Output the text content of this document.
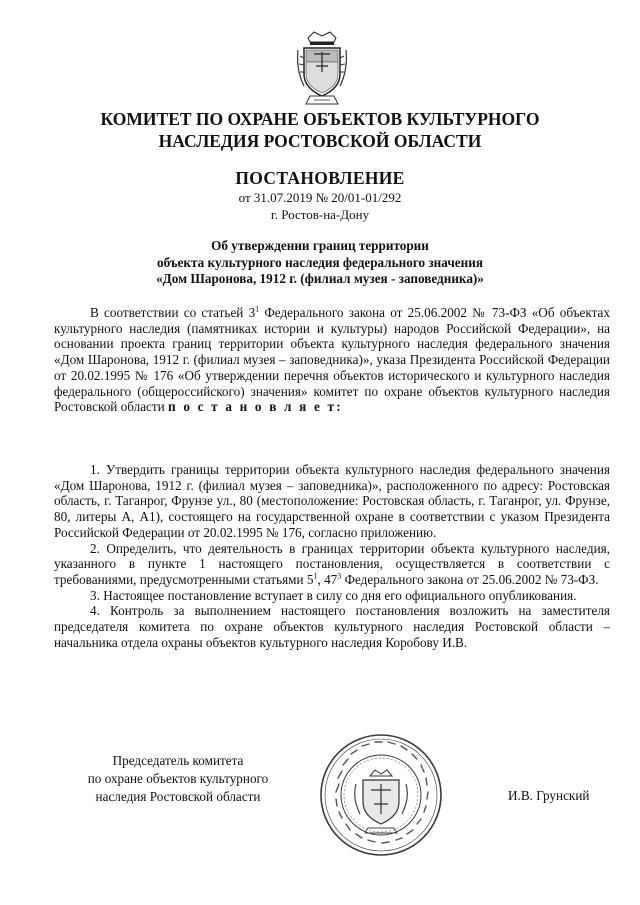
КОМИТЕТ ПО ОХРАНЕ ОБЪЕКТОВ КУЛЬТУРНОГО
НАСЛЕДИЯ РОСТОВСКОЙ ОБЛАСТИ
ПОСТАНОВЛЕНИЕ
от 31.07.2019 № 20/01-01/292
г. Ростов-на-Дону
Об утверждении границ территории
объекта культурного наследия федерального значения
«Дом Шаронова, 1912 г. (филиал музея - заповедника)»

В соответствии со статьей $3^1$ Федерального закона от 25.06.2002 № 73-ФЗ «Об объектах культурного наследия (памятниках истории и культуры) народов Российской Федерации», на основании проекта границ территории объекта культурного наследия федерального значения «Дом Шаронова, 1912 г. (филиал музея – заповедника)», указа Президента Российской Федерации от 20.02.1995 № 176 «Об утверждении перечня объектов исторического и культурного наследия федерального (общероссийского) значения» комитет по охране объектов культурного наследия Ростовской области п о с т а н о в л я е т:

1. Утвердить границы территории объекта культурного наследия федерального значения «Дом Шаронова, 1912 г. (филиал музея – заповедника)», расположенного по адресу: Ростовская область, г. Таганрог, Фрунзе ул., 80 (местоположение: Ростовская область, г. Таганрог, ул. Фрунзе, 80, литеры А, А1), состоящего на государственной охране в соответствии с указом Президента Российской Федерации от 20.02.1995 № 176, согласно приложению.

2. Определить, что деятельность в границах территории объекта культурного наследия, указанного в пункте 1 настоящего постановления, осуществляется в соответствии с требованиями, предусмотренными статьями $5^1$, $47^3$ Федерального закона от 25.06.2002 № 73-ФЗ.

3. Настоящее постановление вступает в силу со дня его официального опубликования.

4. Контроль за выполнением настоящего постановления возложить на заместителя председателя комитета по охране объектов культурного наследия Ростовской области – начальника отдела охраны объектов культурного наследия Коробову И.В.

Председатель комитета
по охране объектов культурного
наследия Ростовской области	И.В. Грунский
